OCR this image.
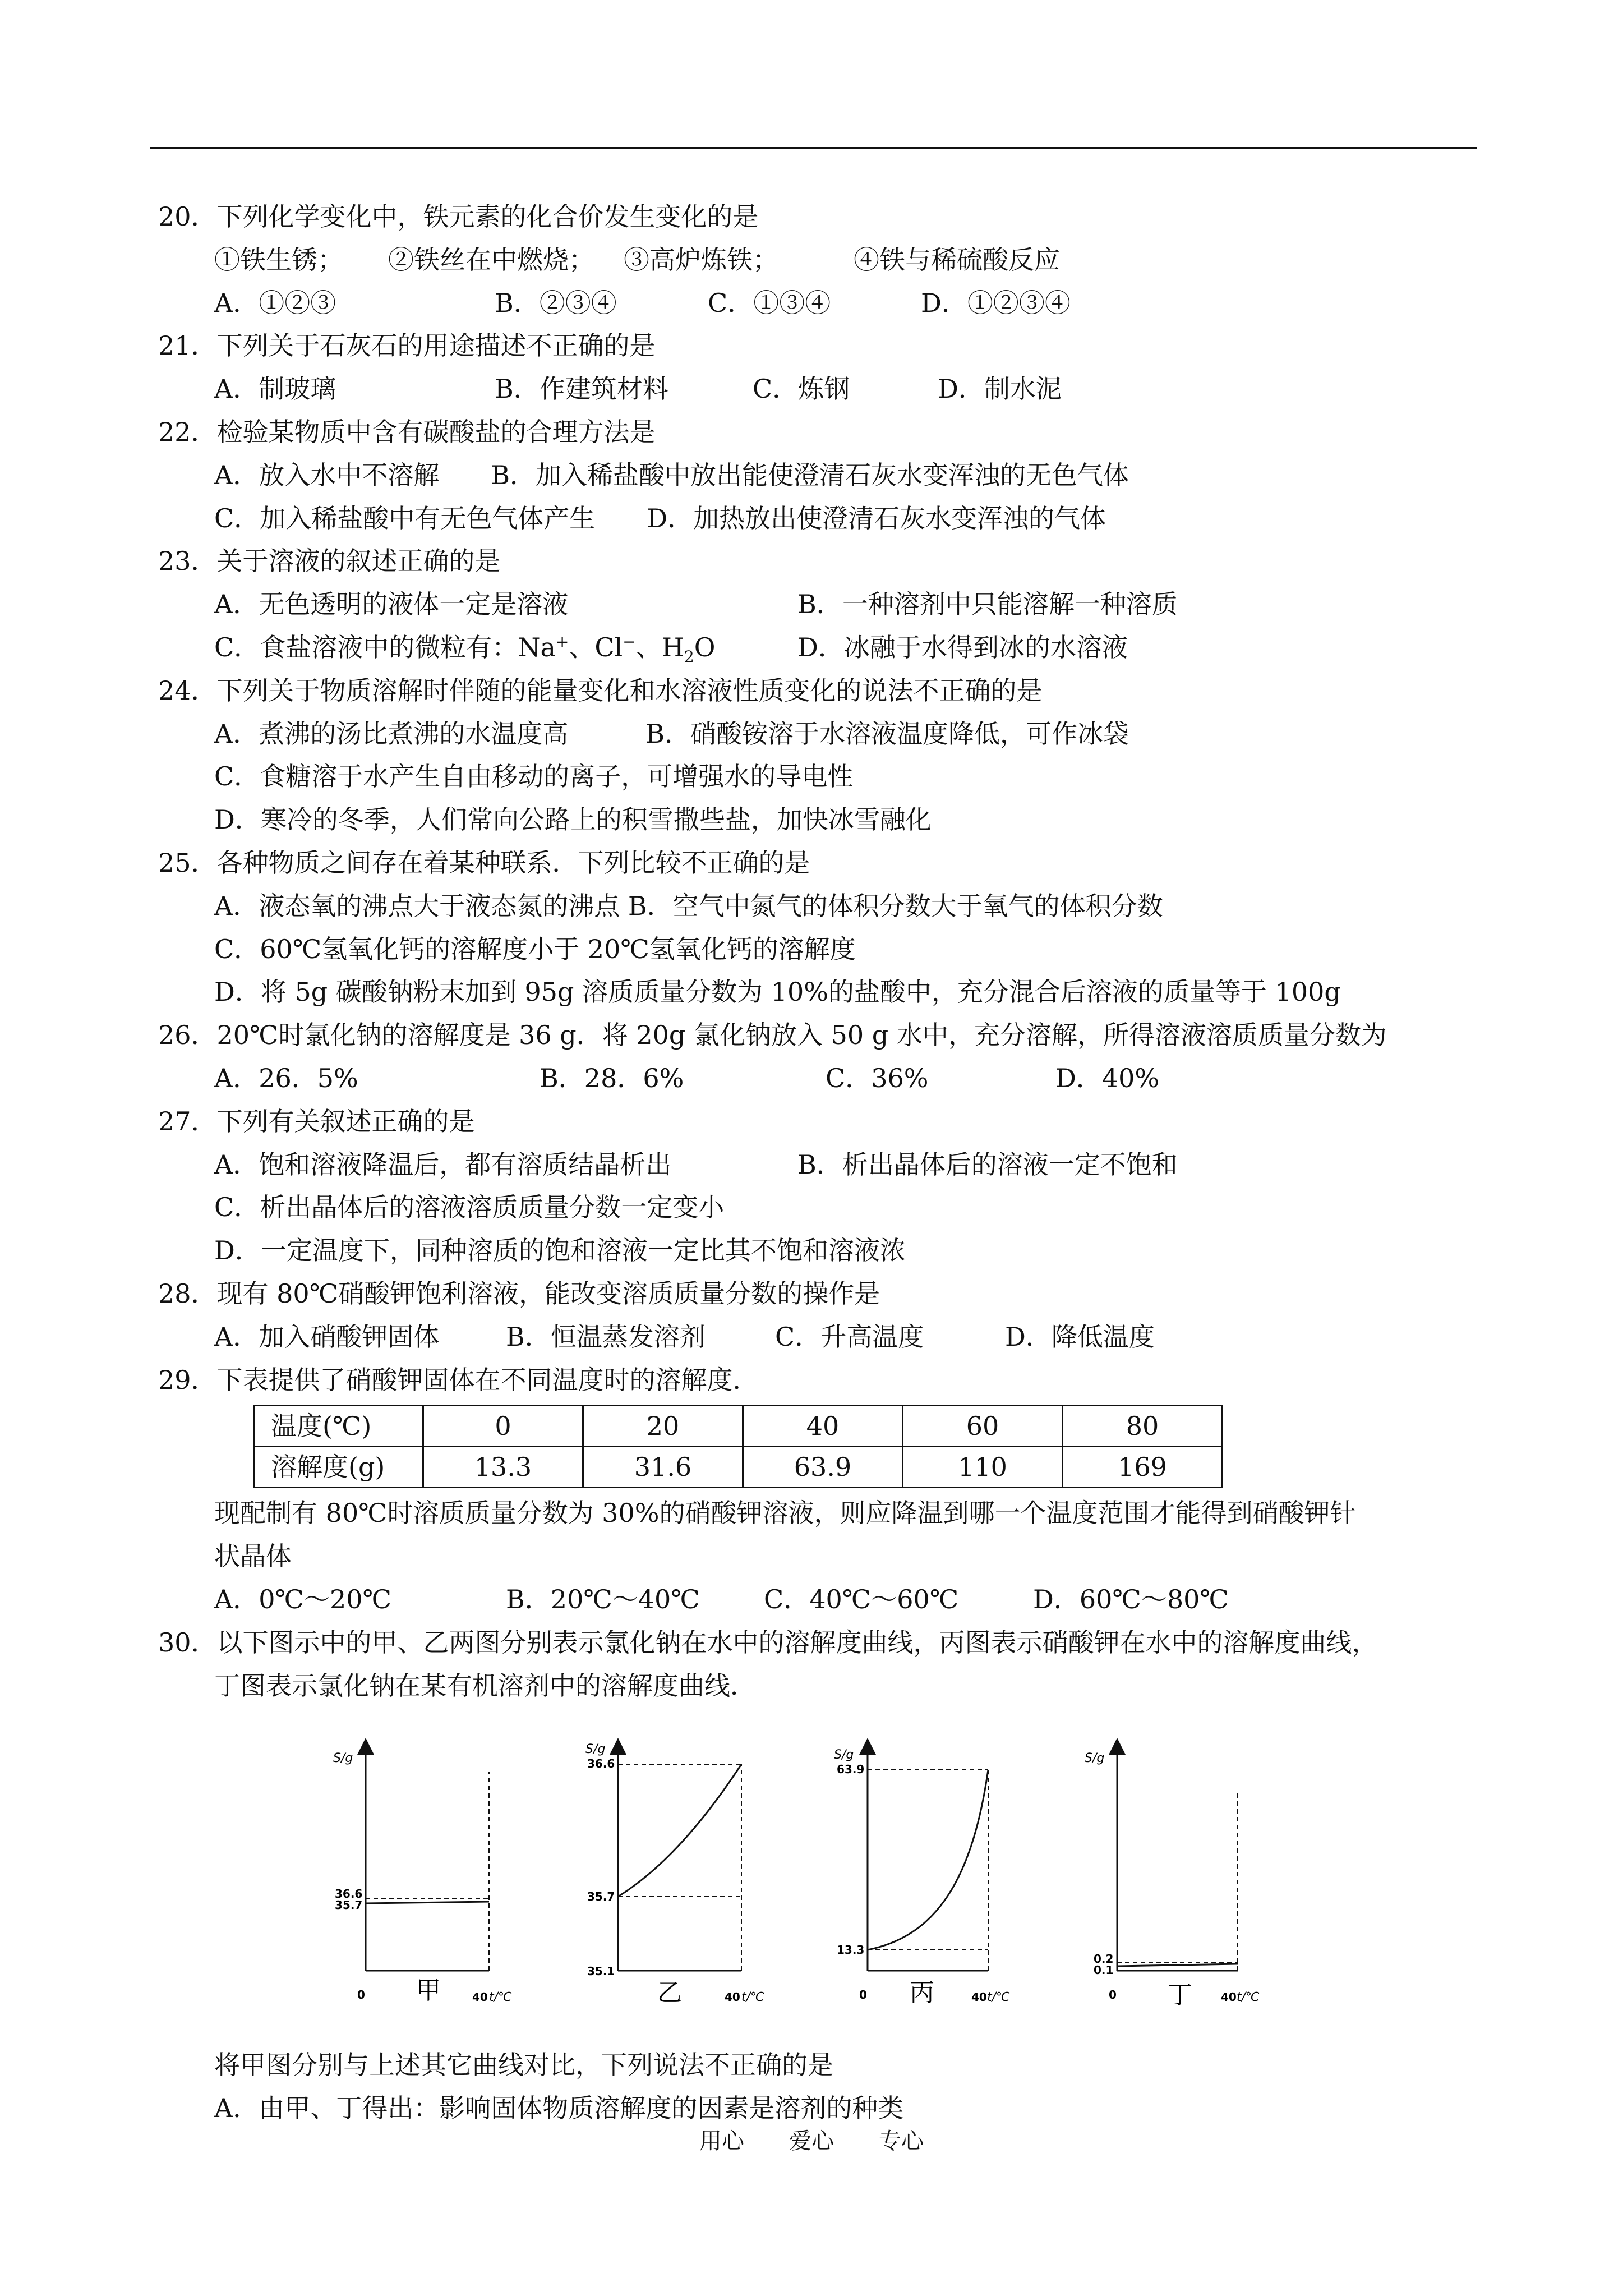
20．下列化学变化中，铁元素的化合价发生变化的是
①铁生锈；	②铁丝在中燃烧；	③高炉炼铁；	④铁与稀硫酸反应
A．①②③	B．②③④	C．①③④	D．①②③④
21．下列关于石灰石的用途描述不正确的是
A．制玻璃	B．作建筑材料	C．炼钢	D．制水泥
22．检验某物质中含有碳酸盐的合理方法是
A．放入水中不溶解　　B．加入稀盐酸中放出能使澄清石灰水变浑浊的无色气体
C．加入稀盐酸中有无色气体产生　　D．加热放出使澄清石灰水变浑浊的气体
23．关于溶液的叙述正确的是
A．无色透明的液体一定是溶液	B．一种溶剂中只能溶解一种溶质
C．食盐溶液中的微粒有：Na+、Cl−、$H_2O$	D．冰融于水得到冰的水溶液
24．下列关于物质溶解时伴随的能量变化和水溶液性质变化的说法不正确的是
A．煮沸的汤比煮沸的水温度高　　　B．硝酸铵溶于水溶液温度降低，可作冰袋
C．食糖溶于水产生自由移动的离子，可增强水的导电性
D．寒冷的冬季，人们常向公路上的积雪撒些盐，加快冰雪融化
25．各种物质之间存在着某种联系．下列比较不正确的是
A．液态氧的沸点大于液态氮的沸点 B．空气中氮气的体积分数大于氧气的体积分数
C．60℃氢氧化钙的溶解度小于 20℃氢氧化钙的溶解度
D．将 5g 碳酸钠粉末加到 95g 溶质质量分数为 10%的盐酸中，充分混合后溶液的质量等于 100g
26．20℃时氯化钠的溶解度是 36 g．将 20g 氯化钠放入 50 g 水中，充分溶解，所得溶液溶质质量分数为
A．26．5%	B．28．6%	C．36%	D．40%
27．下列有关叙述正确的是
A．饱和溶液降温后，都有溶质结晶析出	B．析出晶体后的溶液一定不饱和
C．析出晶体后的溶液溶质质量分数一定变小
D．一定温度下，同种溶质的饱和溶液一定比其不饱和溶液浓
28．现有 80℃硝酸钾饱利溶液，能改变溶质质量分数的操作是
A．加入硝酸钾固体	B．恒温蒸发溶剂	C．升高温度	D．降低温度
29．下表提供了硝酸钾固体在不同温度时的溶解度．
温度(℃)	0	20	40	60	80
溶解度(g)	13.3	31.6	63.9	110	169
现配制有 80℃时溶质质量分数为 30%的硝酸钾溶液，则应降温到哪一个温度范围才能得到硝酸钾针
状晶体
A．0℃～20℃	B．20℃～40℃	C．40℃～60℃	D．60℃～80℃
30．以下图示中的甲、乙两图分别表示氯化钠在水中的溶解度曲线，丙图表示硝酸钾在水中的溶解度曲线，
丁图表示氯化钠在某有机溶剂中的溶解度曲线．
S/g
36.6
35.7
0	40 t/℃
甲
S/g
36.6
35.7
35.1
乙	40 t/℃
S/g
63.9
13.3
0 丙	40 t/℃
S/g
0.2
0.1
0 丁	40 t/℃
将甲图分别与上述其它曲线对比，下列说法不正确的是
A．由甲、丁得出：影响固体物质溶解度的因素是溶剂的种类
用心　　爱心　　专心
